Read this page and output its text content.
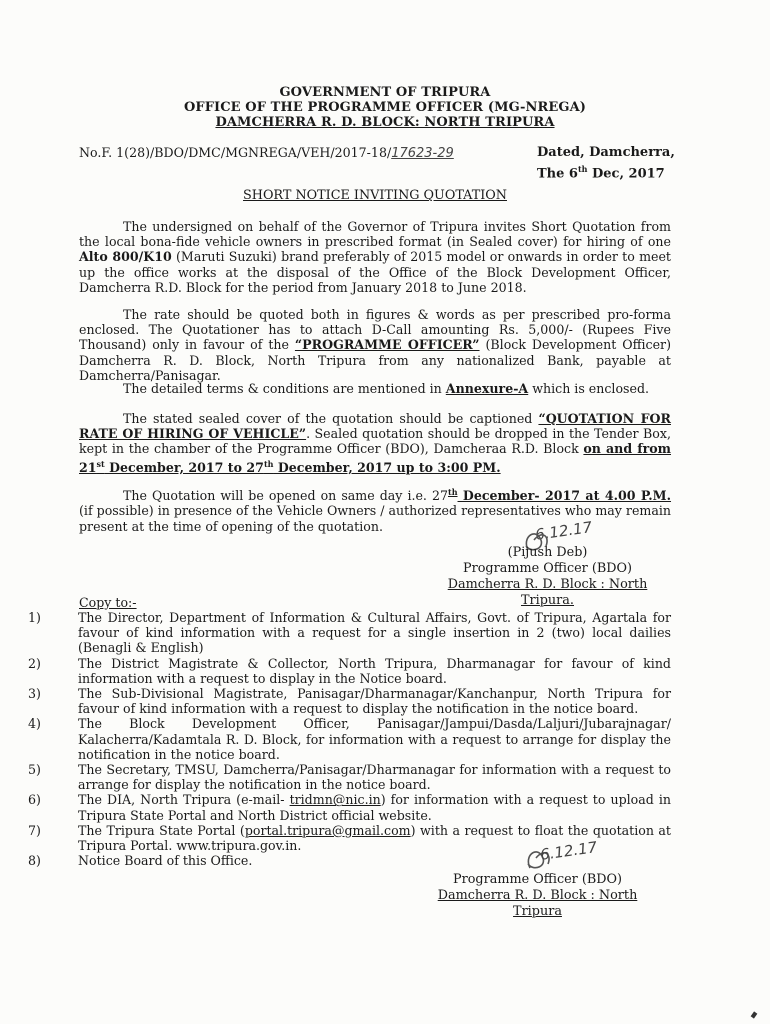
GOVERNMENT OF TRIPURA
OFFICE OF THE PROGRAMME OFFICER (MG-NREGA)
DAMCHERRA R. D. BLOCK: NORTH TRIPURA
No.F. 1(28)/BDO/DMC/MGNREGA/VEH/2017-18/17623-29	Dated, Damcherra,
The 6th Dec, 2017
SHORT NOTICE INVITING QUOTATION
The undersigned on behalf of the Governor of Tripura invites Short Quotation from the local bona-fide vehicle owners in prescribed format (in Sealed cover) for hiring of one Alto 800/K10 (Maruti Suzuki) brand preferably of 2015 model or onwards in order to meet up the office works at the disposal of the Office of the Block Development Officer, Damcherra R.D. Block for the period from January 2018 to June 2018.
The rate should be quoted both in figures & words as per prescribed pro-forma enclosed. The Quotationer has to attach D-Call amounting Rs. 5,000/- (Rupees Five Thousand) only in favour of the “PROGRAMME OFFICER” (Block Development Officer) Damcherra R. D. Block, North Tripura from any nationalized Bank, payable at Damcherra/Panisagar.
The detailed terms & conditions are mentioned in Annexure-A which is enclosed.
The stated sealed cover of the quotation should be captioned “QUOTATION FOR RATE OF HIRING OF VEHICLE”. Sealed quotation should be dropped in the Tender Box, kept in the chamber of the Programme Officer (BDO), Damcheraa R.D. Block on and from 21st December, 2017 to 27th December, 2017 up to 3:00 PM.
The Quotation will be opened on same day i.e. 27th December- 2017 at 4.00 P.M. (if possible) in presence of the Vehicle Owners / authorized representatives who may remain present at the time of opening of the quotation.	6.12.17
(Pijush Deb)
Programme Officer (BDO)
Damcherra R. D. Block : North Tripura.
Copy to:-
1)	The Director, Department of Information & Cultural Affairs, Govt. of Tripura, Agartala for favour of kind information with a request for a single insertion in 2 (two) local dailies (Benagli & English)
2)	The District Magistrate & Collector, North Tripura, Dharmanagar for favour of kind information with a request to display in the Notice board.
3)	The Sub-Divisional Magistrate, Panisagar/Dharmanagar/Kanchanpur, North Tripura for favour of kind information with a request to display the notification in the notice board.
4)	The Block Development Officer, Panisagar/Jampui/Dasda/Laljuri/Jubarajnagar/ Kalacherra/Kadamtala R. D. Block, for information with a request to arrange for display the notification in the notice board.
5)	The Secretary, TMSU, Damcherra/Panisagar/Dharmanagar for information with a request to arrange for display the notification in the notice board.
6)	The DIA, North Tripura (e-mail- tridmn@nic.in) for information with a request to upload in Tripura State Portal and North District official website.
7)	The Tripura State Portal (portal.tripura@gmail.com) with a request to float the quotation at Tripura Portal. www.tripura.gov.in.
8)	Notice Board of this Office.	6.12.17
Programme Officer (BDO)
Damcherra R. D. Block : North Tripura
